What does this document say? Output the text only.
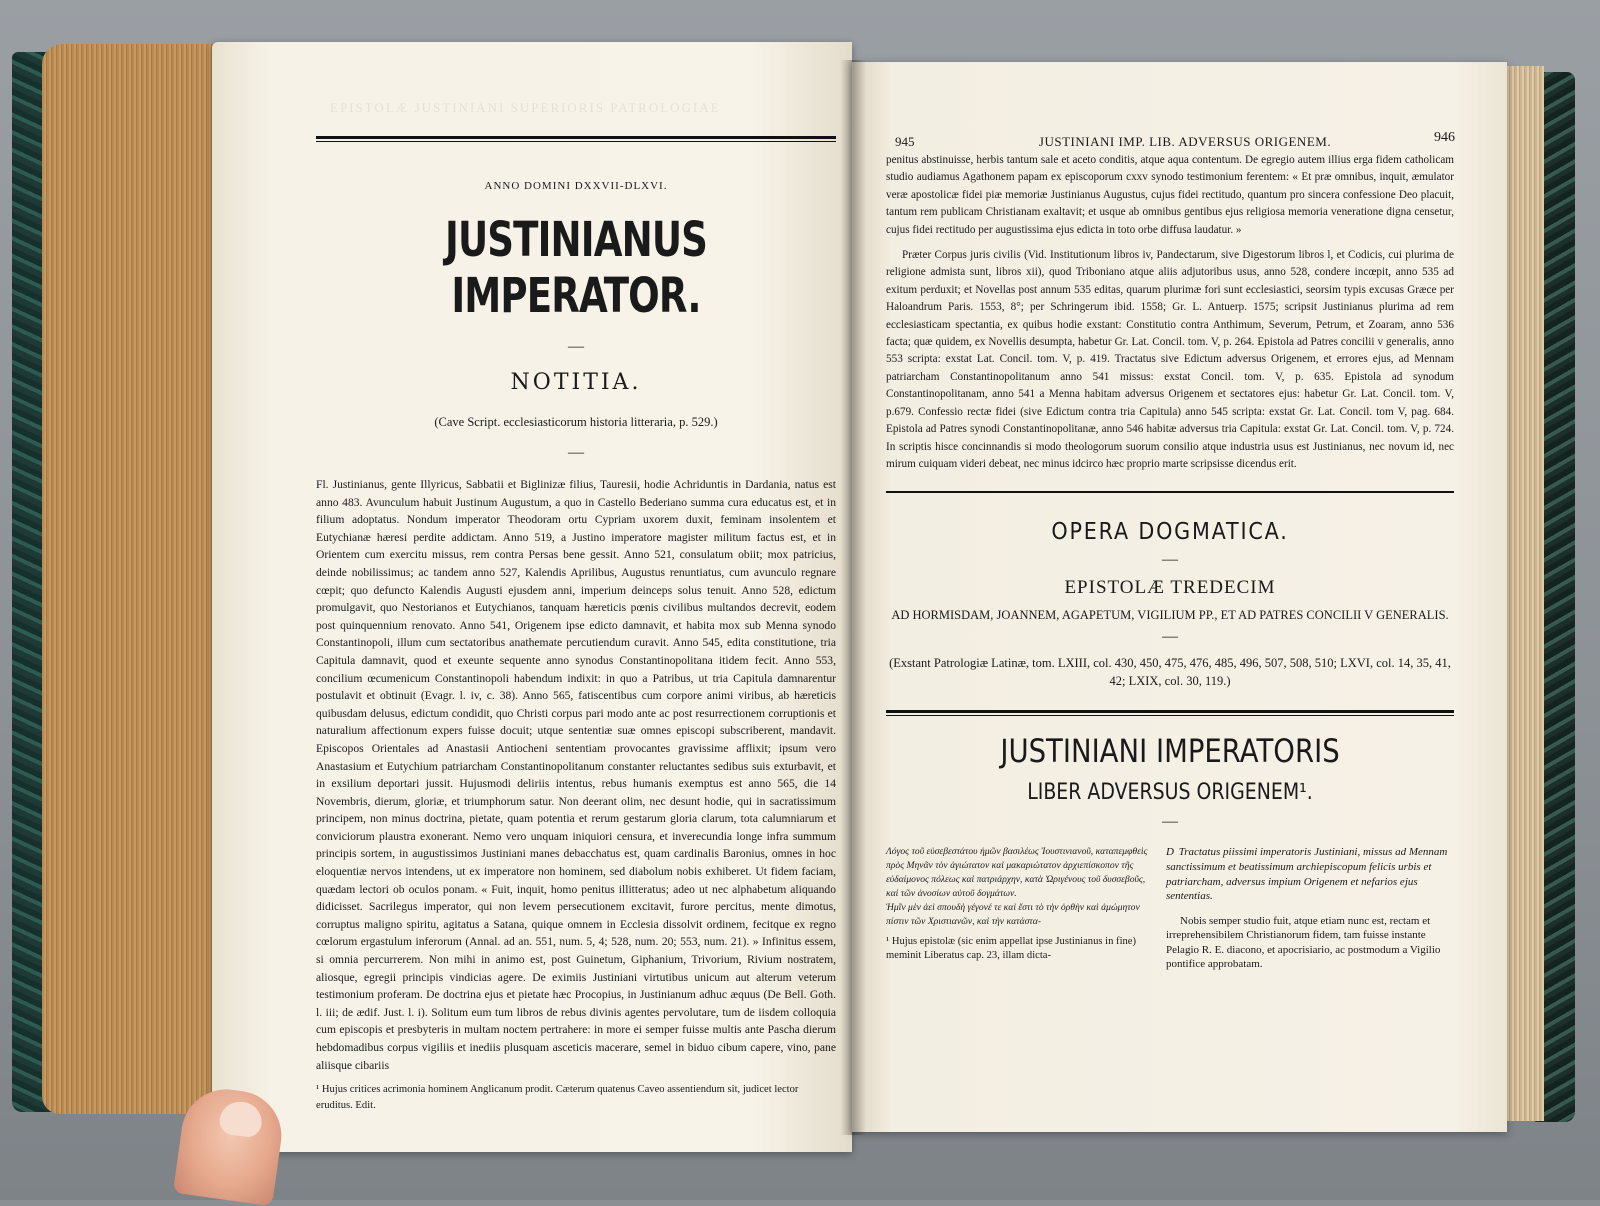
EPISTOLÆ JUSTINIANI SUPERIORIS PATROLOGIAE
ANNO DOMINI DXXVII-DLXVI.
JUSTINIANUS IMPERATOR.
—
NOTITIA.
(Cave Script. ecclesiasticorum historia litteraria, p. 529.)
—
Fl. Justinianus, gente Illyricus, Sabbatii et Biglinizæ filius, Tauresii, hodie Achriduntis in Dardania, natus est anno 483. Avunculum habuit Justinum Augustum, a quo in Castello Bederiano summa cura educatus est, et in filium adoptatus. Nondum imperator Theodoram ortu Cypriam uxorem duxit, feminam insolentem et Eutychianæ hæresi perdite addictam. Anno 519, a Justino imperatore magister militum factus est, et in Orientem cum exercitu missus, rem contra Persas bene gessit. Anno 521, consulatum obiit; mox patricius, deinde nobilissimus; ac tandem anno 527, Kalendis Aprilibus, Augustus renuntiatus, cum avunculo regnare cœpit; quo defuncto Kalendis Augusti ejusdem anni, imperium deinceps solus tenuit. Anno 528, edictum promulgavit, quo Nestorianos et Eutychianos, tanquam hæreticis pœnis civilibus multandos decrevit, eodem post quinquennium renovato. Anno 541, Origenem ipse edicto damnavit, et habita mox sub Menna synodo Constantinopoli, illum cum sectatoribus anathemate percutiendum curavit. Anno 545, edita constitutione, tria Capitula damnavit, quod et exeunte sequente anno synodus Constantinopolitana itidem fecit. Anno 553, concilium œcumenicum Constantinopoli habendum indixit: in quo a Patribus, ut tria Capitula damnarentur postulavit et obtinuit (Evagr. l. iv, c. 38). Anno 565, fatiscentibus cum corpore animi viribus, ab hæreticis quibusdam delusus, edictum condidit, quo Christi corpus pari modo ante ac post resurrectionem corruptionis et naturalium affectionum expers fuisse docuit; utque sententiæ suæ omnes episcopi subscriberent, mandavit. Episcopos Orientales ad Anastasii Antiocheni sententiam provocantes gravissime afflixit; ipsum vero Anastasium et Eutychium patriarcham Constantinopolitanum constanter reluctantes sedibus suis exturbavit, et in exsilium deportari jussit. Hujusmodi deliriis intentus, rebus humanis exemptus est anno 565, die 14 Novembris, dierum, gloriæ, et triumphorum satur. Non deerant olim, nec desunt hodie, qui in sacratissimum principem, non minus doctrina, pietate, quam potentia et rerum gestarum gloria clarum, tota calumniarum et conviciorum plaustra exonerant. Nemo vero unquam iniquiori censura, et inverecundia longe infra summum principis sortem, in augustissimos Justiniani manes debacchatus est, quam cardinalis Baronius, omnes in hoc eloquentiæ nervos intendens, ut ex imperatore non hominem, sed diabolum nobis exhiberet. Ut fidem faciam, quædam lectori ob oculos ponam. « Fuit, inquit, homo penitus illitteratus; adeo ut nec alphabetum aliquando didicisset. Sacrilegus imperator, qui non levem persecutionem excitavit, furore percitus, mente dimotus, corruptus maligno spiritu, agitatus a Satana, quique omnem in Ecclesia dissolvit ordinem, fecitque ex regno cœlorum ergastulum inferorum (Annal. ad an. 551, num. 5, 4; 528, num. 20; 553, num. 21). » Infinitus essem, si omnia percurrerem. Non mihi in animo est, post Guinetum, Giphanium, Trivorium, Rivium nostratem, aliosque, egregii principis vindicias agere. De eximiis Justiniani virtutibus unicum aut alterum veterum testimonium proferam. De doctrina ejus et pietate hæc Procopius, in Justinianum adhuc æquus (De Bell. Goth. l. iii; de ædif. Just. l. i). Solitum eum tum libros de rebus divinis agentes pervolutare, tum de iisdem colloquia cum episcopis et presbyteris in multam noctem pertrahere: in more ei semper fuisse multis ante Pascha dierum hebdomadibus corpus vigiliis et inediis plusquam asceticis macerare, semel in biduo cibum capere, vino, pane aliisque cibariis
¹ Hujus critices acrimonia hominem Anglicanum prodit. Cæterum quatenus Caveo assentiendum sit, judicet lector eruditus. Edit.
945	JUSTINIANI IMP. LIB. ADVERSUS ORIGENEM.	946
penitus abstinuisse, herbis tantum sale et aceto conditis, atque aqua contentum. De egregio autem illius erga fidem catholicam studio audiamus Agathonem papam ex episcoporum cxxv synodo testimonium ferentem: « Et præ omnibus, inquit, æmulator veræ apostolicæ fidei piæ memoriæ Justinianus Augustus, cujus fidei rectitudo, quantum pro sincera confessione Deo placuit, tantum rem publicam Christianam exaltavit; et usque ab omnibus gentibus ejus religiosa memoria veneratione digna censetur, cujus fidei rectitudo per augustissima ejus edicta in toto orbe diffusa laudatur. »
Præter Corpus juris civilis (Vid. Institutionum libros iv, Pandectarum, sive Digestorum libros l, et Codicis, cui plurima de religione admista sunt, libros xii), quod Triboniano atque aliis adjutoribus usus, anno 528, condere incœpit, anno 535 ad exitum perduxit; et Novellas post annum 535 editas, quarum plurimæ fori sunt ecclesiastici, seorsim typis excusas Græce per Haloandrum Paris. 1553, 8°; per Schringerum ibid. 1558; Gr. L. Antuerp. 1575; scripsit Justinianus plurima ad rem ecclesiasticam spectantia, ex quibus hodie exstant: Constitutio contra Anthimum, Severum, Petrum, et Zoaram, anno 536 facta; quæ quidem, ex Novellis desumpta, habetur Gr. Lat. Concil. tom. V, p. 264. Epistola ad Patres concilii v generalis, anno 553 scripta: exstat Lat. Concil. tom. V, p. 419. Tractatus sive Edictum adversus Origenem, et errores ejus, ad Mennam patriarcham Constantinopolitanum anno 541 missus: exstat Concil. tom. V, p. 635. Epistola ad synodum Constantinopolitanam, anno 541 a Menna habitam adversus Origenem et sectatores ejus: habetur Gr. Lat. Concil. tom. V, p.679. Confessio rectæ fidei (sive Edictum contra tria Capitula) anno 545 scripta: exstat Gr. Lat. Concil. tom V, pag. 684. Epistola ad Patres synodi Constantinopolitanæ, anno 546 habitæ adversus tria Capitula: exstat Gr. Lat. Concil. tom. V, p. 724. In scriptis hisce concinnandis si modo theologorum suorum consilio atque industria usus est Justinianus, nec novum id, nec mirum cuiquam videri debeat, nec minus idcirco hæc proprio marte scripsisse dicendus erit.
OPERA DOGMATICA.
—
EPISTOLÆ TREDECIM
AD HORMISDAM, JOANNEM, AGAPETUM, VIGILIUM PP., ET AD PATRES CONCILII V GENERALIS.
—
(Exstant Patrologiæ Latinæ, tom. LXIII, col. 430, 450, 475, 476, 485, 496, 507, 508, 510; LXVI, col. 14, 35, 41, 42; LXIX, col. 30, 119.)
JUSTINIANI IMPERATORIS
LIBER ADVERSUS ORIGENEM¹.
—
Λόγος τοῦ εὐσεβεστάτου ἡμῶν βασιλέως Ἰουστινιανοῦ, καταπεμφθεὶς πρὸς Μηνᾶν τὸν ἁγιώτατον καὶ μακαριώτατον ἀρχιεπίσκοπον τῆς εὐδαίμονος πόλεως καὶ πατριάρχην, κατὰ Ὠριγένους τοῦ δυσσεβοῦς, καὶ τῶν ἀνοσίων αὐτοῦ δογμάτων.
Ἡμῖν μὲν ἀεὶ σπουδὴ γέγονέ τε καὶ ἔστι τὸ τὴν ὀρθὴν καὶ ἀμώμητον πίστιν τῶν Χριστιανῶν, καὶ τὴν κατάστα-
¹ Hujus epistolæ (sic enim appellat ipse Justinianus in fine) meminit Liberatus cap. 23, illam dicta-
D Tractatus piissimi imperatoris Justiniani, missus ad Mennam sanctissimum et beatissimum archiepiscopum felicis urbis et patriarcham, adversus impium Origenem et nefarios ejus sententias.
Nobis semper studio fuit, atque etiam nunc est, rectam et irreprehensibilem Christianorum fidem, tam fuisse instante Pelagio R. E. diacono, et apocrisiario, ac postmodum a Vigilio pontifice approbatam.
